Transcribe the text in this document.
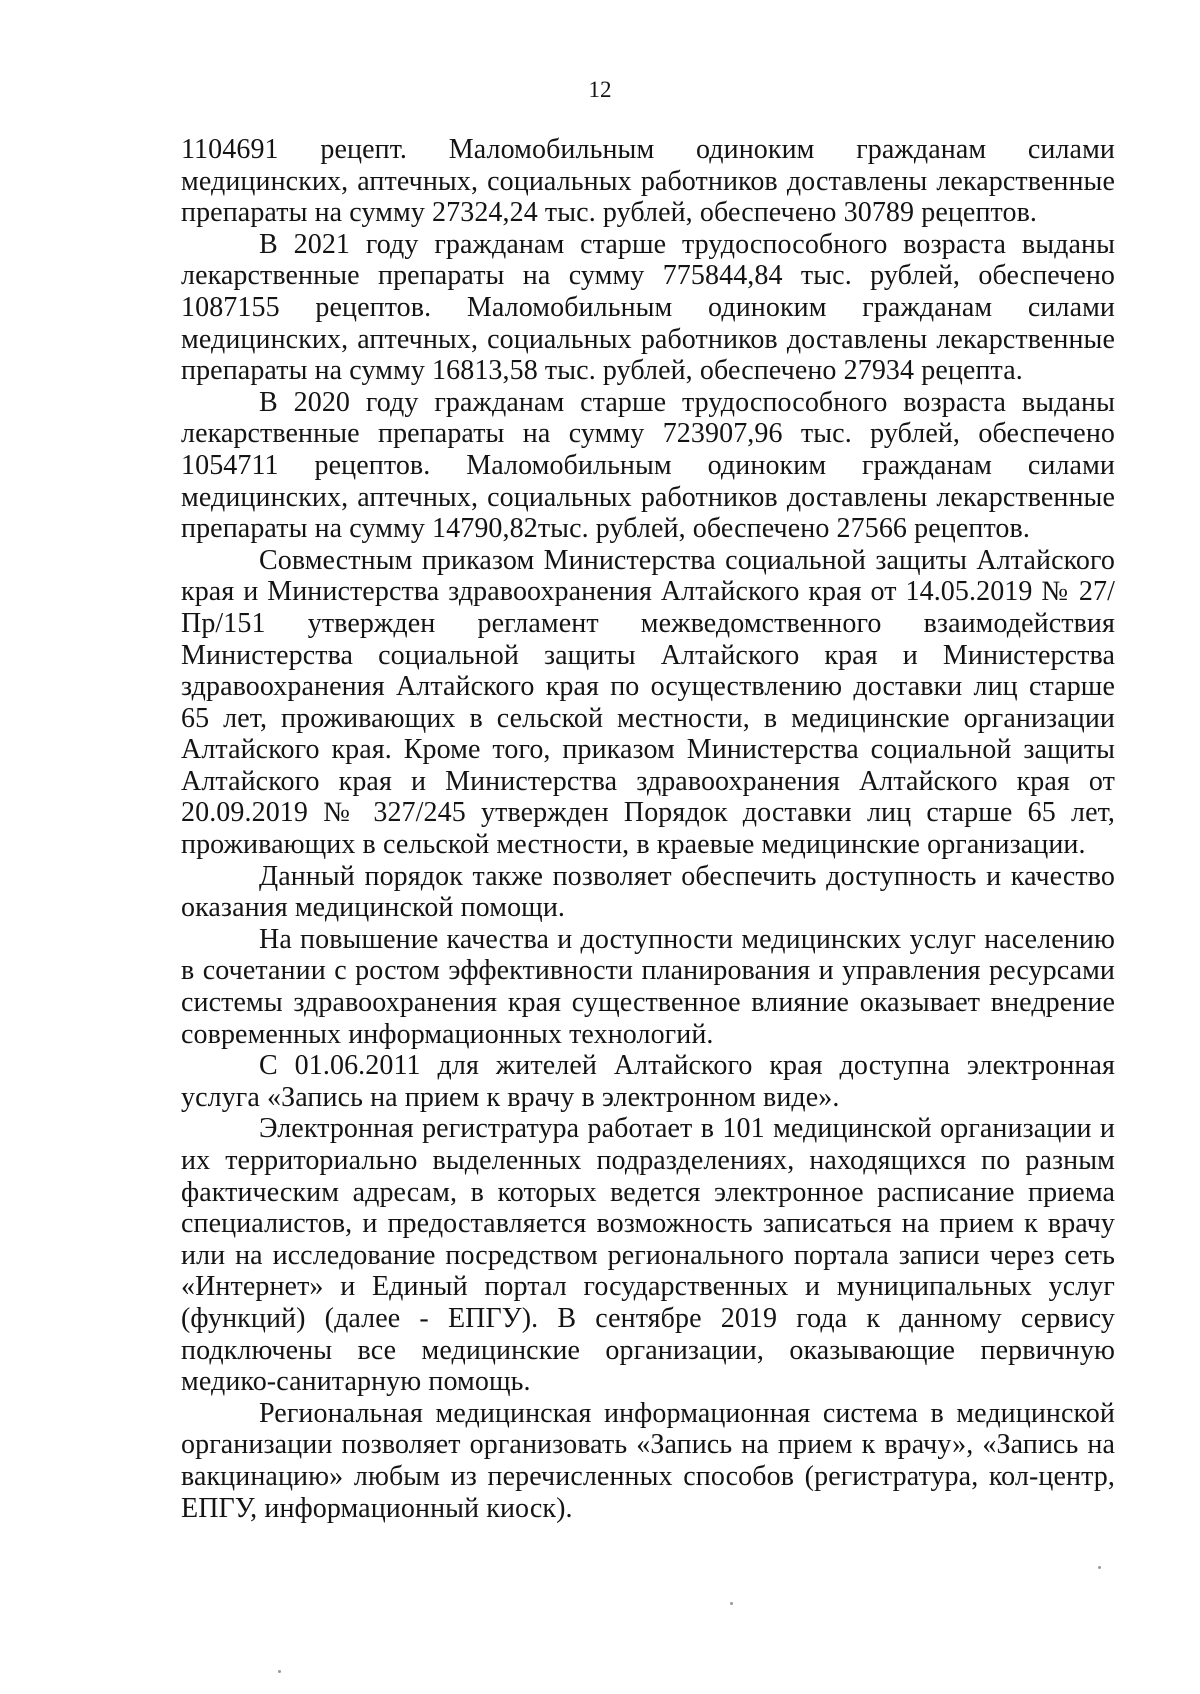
12

1104691 рецепт. Маломобильным одиноким гражданам силами медицинских, аптечных, социальных работников доставлены лекарственные препараты на сумму 27324,24 тыс. рублей, обеспечено 30789 рецептов.

В 2021 году гражданам старше трудоспособного возраста выданы лекарственные препараты на сумму 775844,84 тыс. рублей, обеспечено 1087155 рецептов. Маломобильным одиноким гражданам силами медицинских, аптечных, социальных работников доставлены лекарственные препараты на сумму 16813,58 тыс. рублей, обеспечено 27934 рецепта.

В 2020 году гражданам старше трудоспособного возраста выданы лекарственные препараты на сумму 723907,96 тыс. рублей, обеспечено 1054711 рецептов. Маломобильным одиноким гражданам силами медицинских, аптечных, социальных работников доставлены лекарственные препараты на сумму 14790,82тыс. рублей, обеспечено 27566 рецептов.

Совместным приказом Министерства социальной защиты Алтайского края и Министерства здравоохранения Алтайского края от 14.05.2019 № 27/Пр/151 утвержден регламент межведомственного взаимодействия Министерства социальной защиты Алтайского края и Министерства здравоохранения Алтайского края по осуществлению доставки лиц старше 65 лет, проживающих в сельской местности, в медицинские организации Алтайского края. Кроме того, приказом Министерства социальной защиты Алтайского края и Министерства здравоохранения Алтайского края от 20.09.2019 № 327/245 утвержден Порядок доставки лиц старше 65 лет, проживающих в сельской местности, в краевые медицинские организации.

Данный порядок также позволяет обеспечить доступность и качество оказания медицинской помощи.

На повышение качества и доступности медицинских услуг населению в сочетании с ростом эффективности планирования и управления ресурсами системы здравоохранения края существенное влияние оказывает внедрение современных информационных технологий.

С 01.06.2011 для жителей Алтайского края доступна электронная услуга «Запись на прием к врачу в электронном виде».

Электронная регистратура работает в 101 медицинской организации и их территориально выделенных подразделениях, находящихся по разным фактическим адресам, в которых ведется электронное расписание приема специалистов, и предоставляется возможность записаться на прием к врачу или на исследование посредством регионального портала записи через сеть «Интернет» и Единый портал государственных и муниципальных услуг (функций) (далее - ЕПГУ). В сентябре 2019 года к данному сервису подключены все медицинские организации, оказывающие первичную медико-санитарную помощь.

Региональная медицинская информационная система в медицинской организации позволяет организовать «Запись на прием к врачу», «Запись на вакцинацию» любым из перечисленных способов (регистратура, кол-центр, ЕПГУ, информационный киоск).
